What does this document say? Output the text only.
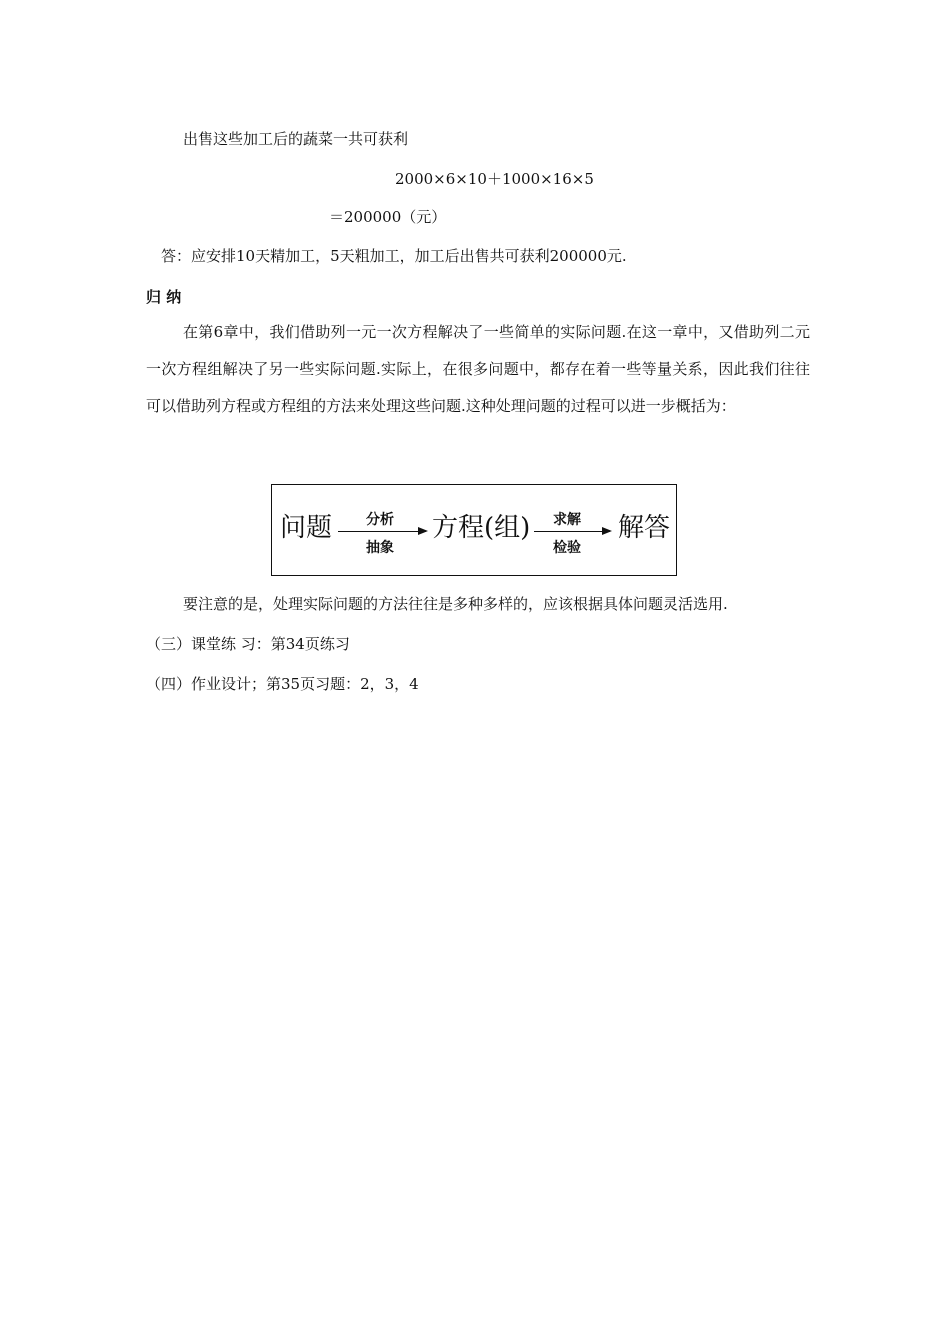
出售这些加工后的蔬菜一共可获利
2000×6×10＋1000×16×5
＝200000（元）
答：应安排10天精加工，5天粗加工，加工后出售共可获利200000元.
归 纳
在第6章中，我们借助列一元一次方程解决了一些简单的实际问题.在这一章中，又借助列二元一次方程组解决了另一些实际问题.实际上，在很多问题中，都存在着一些等量关系，因此我们往往可以借助列方程或方程组的方法来处理这些问题.这种处理问题的过程可以进一步概括为：
问题 分析
抽象
方程(组) 求解
检验
解答
要注意的是，处理实际问题的方法往往是多种多样的，应该根据具体问题灵活选用.
（三）课堂练 习：第34页练习
（四）作业设计；第35页习题：2，3，4
